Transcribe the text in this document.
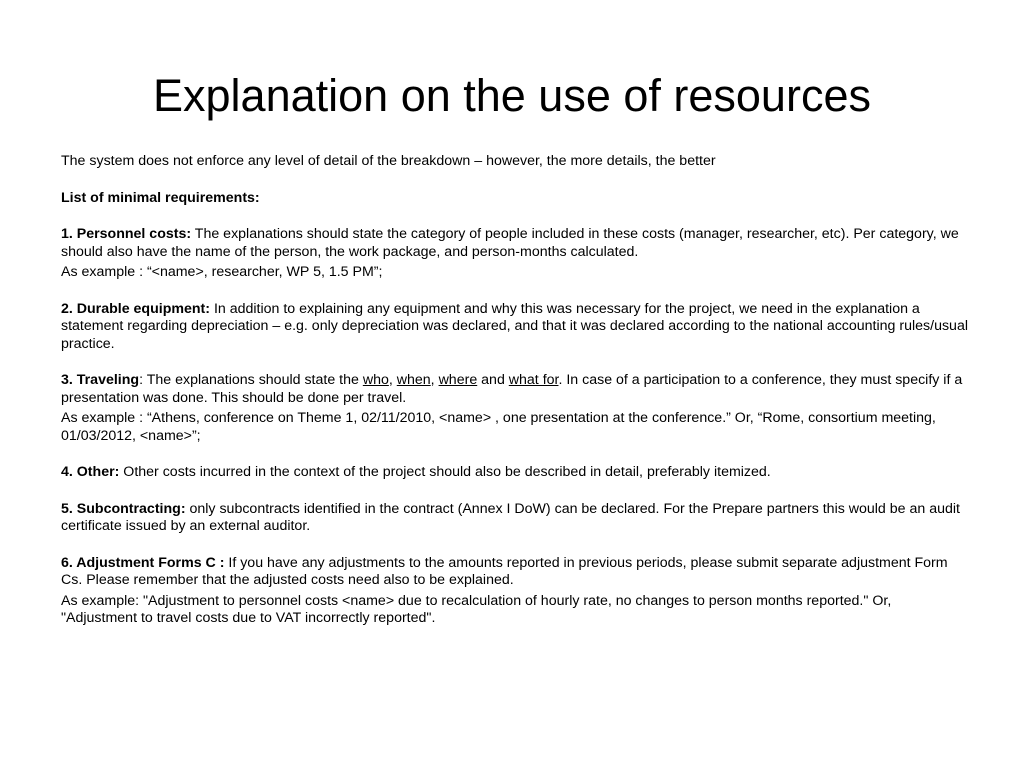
Explanation on the use of resources

The system does not enforce any level of detail of the breakdown – however, the more details, the better

List of minimal requirements:

1. Personnel costs: The explanations should state the category of people included in these costs (manager, researcher, etc). Per category, we should also have the name of the person, the work package, and person-months calculated.

As example : “<name>, researcher, WP 5, 1.5 PM”;

2. Durable equipment: In addition to explaining any equipment and why this was necessary for the project, we need in the explanation a statement regarding depreciation – e.g. only depreciation was declared, and that it was declared according to the national accounting rules/usual practice.

3. Traveling: The explanations should state the who, when, where and what for. In case of a participation to a conference, they must specify if a presentation was done. This should be done per travel.

As example : “Athens, conference on Theme 1, 02/11/2010, <name> , one presentation at the conference.” Or, “Rome, consortium meeting, 01/03/2012, <name>”;

4. Other: Other costs incurred in the context of the project should also be described in detail, preferably itemized.

5. Subcontracting: only subcontracts identified in the contract (Annex I DoW) can be declared. For the Prepare partners this would be an audit certificate issued by an external auditor.

6. Adjustment Forms C : If you have any adjustments to the amounts reported in previous periods, please submit separate adjustment Form Cs. Please remember that the adjusted costs need also to be explained.

As example: "Adjustment to personnel costs <name> due to recalculation of hourly rate, no changes to person months reported." Or, "Adjustment to travel costs due to VAT incorrectly reported".
